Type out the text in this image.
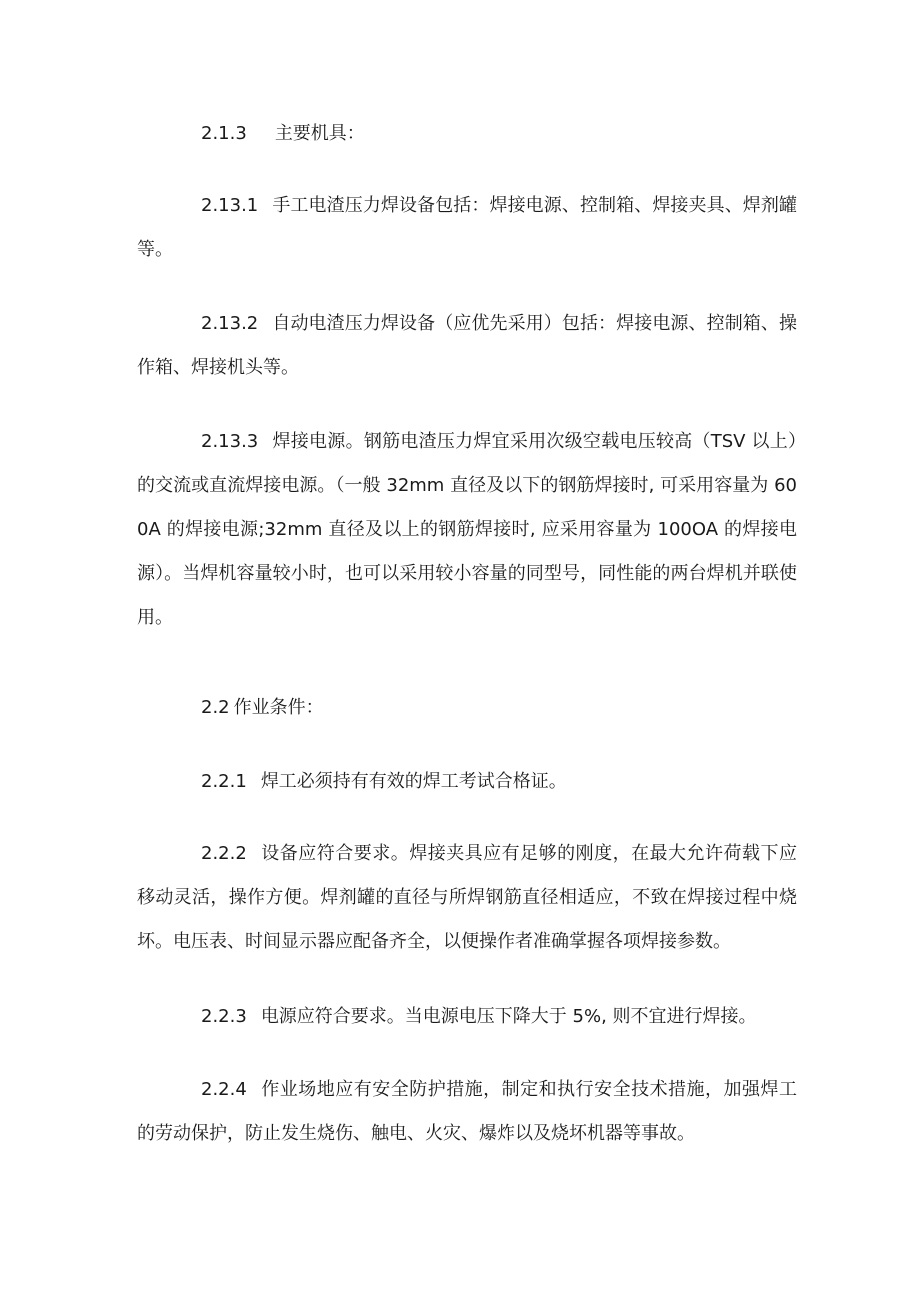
2.1.3 主要机具：

2.13.1 手工电渣压力焊设备包括：焊接电源、控制箱、焊接夹具、焊剂罐等。

2.13.2 自动电渣压力焊设备（应优先采用）包括：焊接电源、控制箱、操作箱、焊接机头等。

2.13.3 焊接电源。钢筋电渣压力焊宜采用次级空载电压较高（TSV 以上）的交流或直流焊接电源。（一般 32mm 直径及以下的钢筋焊接时, 可采用容量为 600A 的焊接电源;32mm 直径及以上的钢筋焊接时, 应采用容量为 100OA 的焊接电源）。当焊机容量较小时，也可以采用较小容量的同型号，同性能的两台焊机并联使用。

2.2 作业条件：

2.2.1 焊工必须持有有效的焊工考试合格证。

2.2.2 设备应符合要求。焊接夹具应有足够的刚度，在最大允许荷载下应移动灵活，操作方便。焊剂罐的直径与所焊钢筋直径相适应，不致在焊接过程中烧坏。电压表、时间显示器应配备齐全，以便操作者准确掌握各项焊接参数。

2.2.3 电源应符合要求。当电源电压下降大于 5%, 则不宜进行焊接。

2.2.4 作业场地应有安全防护措施，制定和执行安全技术措施，加强焊工的劳动保护，防止发生烧伤、触电、火灾、爆炸以及烧坏机器等事故。
